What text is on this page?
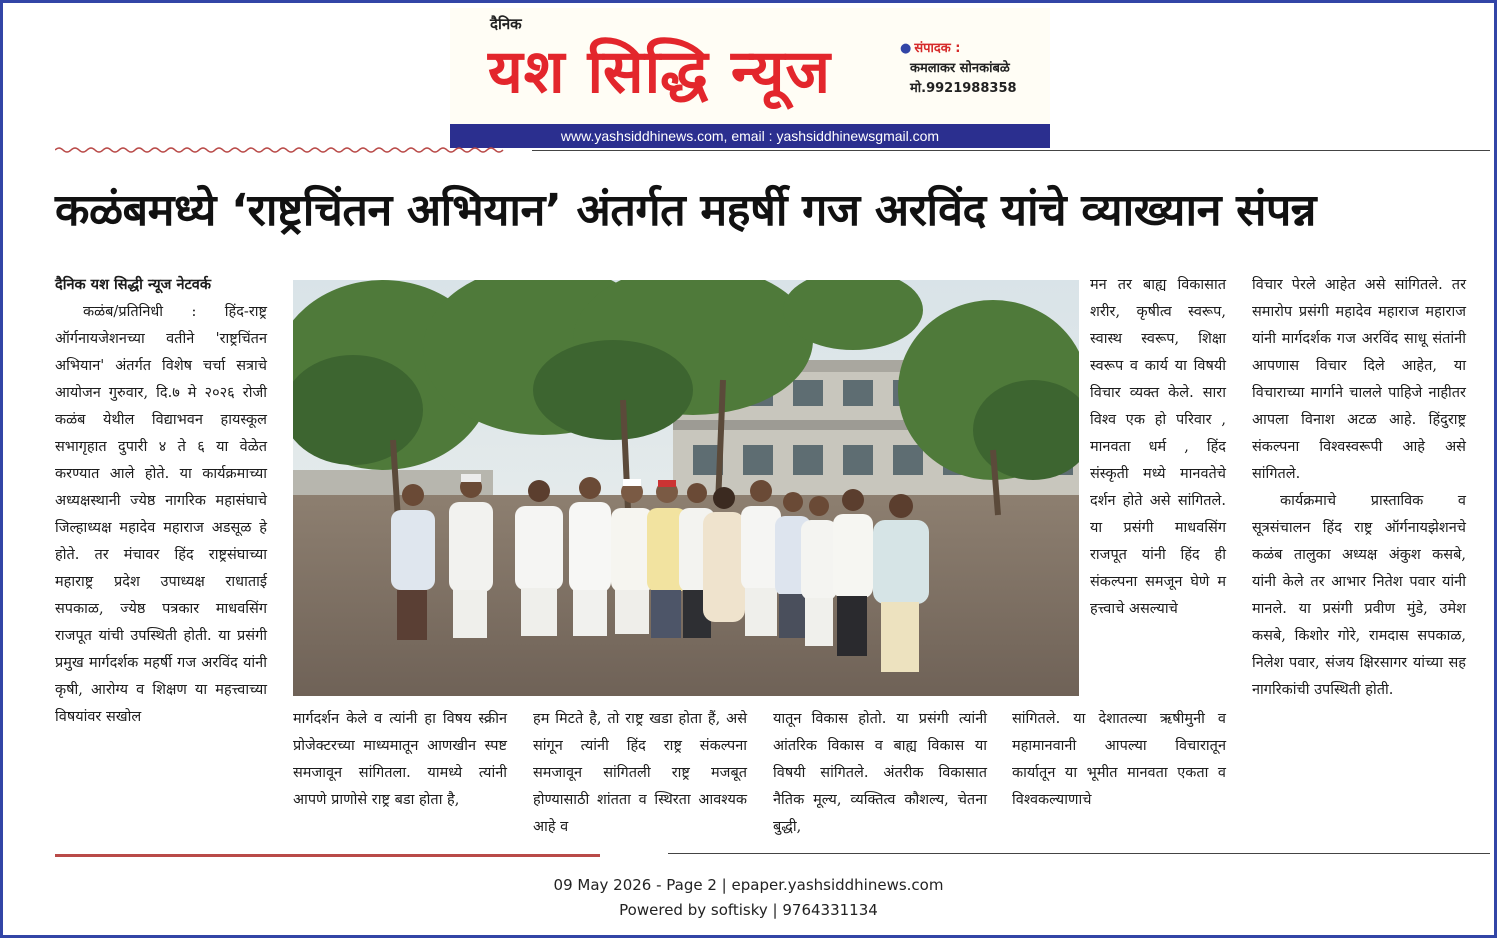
दैनिक
यश सिद्धि न्यूज	● संपादक :
कमलाकर सोनकांबळे
मो.9921988358
www.yashsiddhinews.com, email : yashsiddhinewsgmail.com
कळंबमध्ये ‘राष्ट्रचिंतन अभियान’ अंतर्गत महर्षी गज अरविंद यांचे व्याख्यान संपन्न

दैनिक यश सिद्धी न्यूज नेटवर्क

कळंब/प्रतिनिधी : हिंद-राष्ट्र ऑर्गनायजेशनच्या वतीने 'राष्ट्रचिंतन अभियान' अंतर्गत विशेष चर्चा सत्राचे आयोजन गुरुवार, दि.७ मे २०२६ रोजी कळंब येथील विद्याभवन हायस्कूल सभागृहात दुपारी ४ ते ६ या वेळेत करण्यात आले होते. या कार्यक्रमाच्या अध्यक्षस्थानी ज्येष्ठ नागरिक महासंघाचे जिल्हाध्यक्ष महादेव महाराज अडसूळ हे होते. तर मंचावर हिंद राष्ट्रसंघाच्या महाराष्ट्र प्रदेश उपाध्यक्ष राधाताई सपकाळ, ज्येष्ठ पत्रकार माधवसिंग राजपूत यांची उपस्थिती होती. या प्रसंगी प्रमुख मार्गदर्शक महर्षी गज अरविंद यांनी कृषी, आरोग्य व शिक्षण या महत्त्वाच्या विषयांवर सखोल

मन तर बाह्य विकासात शरीर, कृषीत्व स्वरूप, स्वास्थ स्वरूप, शिक्षा स्वरूप व कार्य या विषयी विचार व्यक्त केले. सारा विश्व एक हो परिवार , मानवता धर्म , हिंद संस्कृती मध्ये मानवतेचे दर्शन होते असे सांगितले. या प्रसंगी माधवसिंग राजपूत यांनी हिंद ही संकल्पना समजून घेणे म हत्त्वाचे असल्याचे

विचार पेरले आहेत असे सांगितले. तर समारोप प्रसंगी महादेव महाराज महाराज यांनी मार्गदर्शक गज अरविंद साधू संतांनी आपणास विचार दिले आहेत, या विचाराच्या मार्गाने चालले पाहिजे नाहीतर आपला विनाश अटळ आहे. हिंदुराष्ट्र संकल्पना विश्वस्वरूपी आहे असे सांगितले.

कार्यक्रमाचे प्रास्ताविक व सूत्रसंचालन हिंद राष्ट्र ऑर्गनायझेशनचे कळंब तालुका अध्यक्ष अंकुश कसबे, यांनी केले तर आभार नितेश पवार यांनी मानले. या प्रसंगी प्रवीण मुंडे, उमेश कसबे, किशोर गोरे, रामदास सपकाळ, निलेश पवार, संजय क्षिरसागर यांच्या सह नागरिकांची उपस्थिती होती.

मार्गदर्शन केले व त्यांनी हा विषय स्क्रीन प्रोजेक्टरच्या माध्यमातून आणखीन स्पष्ट समजावून सांगितला. यामध्ये त्यांनी आपणे प्राणोसे राष्ट्र बडा होता है,

हम मिटते है, तो राष्ट्र खडा होता हैं, असे सांगून त्यांनी हिंद राष्ट्र संकल्पना समजावून सांगितली राष्ट्र मजबूत होण्यासाठी शांतता व स्थिरता आवश्यक आहे व

यातून विकास होतो. या प्रसंगी त्यांनी आंतरिक विकास व बाह्य विकास या विषयी सांगितले. अंतरीक विकासात नैतिक मूल्य, व्यक्तित्व कौशल्य, चेतना बुद्धी,

सांगितले. या देशातल्या ऋषीमुनी व महामानवानी आपल्या विचारातून कार्यातून या भूमीत मानवता एकता व विश्वकल्याणाचे

09 May 2026 - Page 2 | epaper.yashsiddhinews.com
Powered by softisky | 9764331134
